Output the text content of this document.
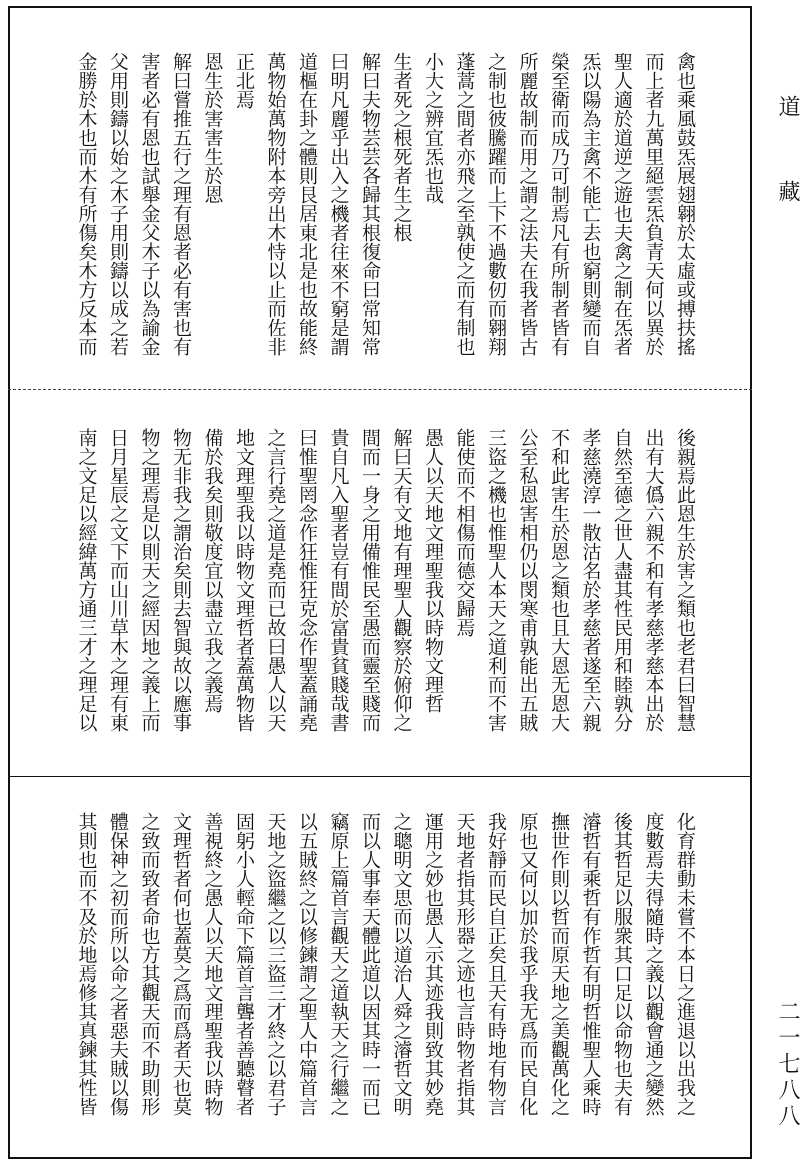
道
藏
二一七八八
禽也乘風鼓炁展翅翱於太虛或搏扶搖
而上者九萬里絕雲炁負青天何以異於
聖人適於道逆之遊也夫禽之制在炁者
炁以陽為主禽不能亡去也窮則變而自
榮至衛而成乃可制焉凡有所制者皆有
所麗故制而用之謂之法夫在我者皆古
之制也彼騰躍而上下不過數仞而翱翔
蓬蒿之間者亦飛之至孰使之而有制也
小大之辨宜炁也哉
生者死之根死者生之根
解曰夫物芸芸各歸其根復命曰常知常
曰明凡麗乎出入之機者往來不窮是謂
道樞在卦之體則艮居東北是也故能終
萬物始萬物附本旁出木恃以止而佐非
正北焉
恩生於害害生於恩
解曰嘗推五行之理有恩者必有害也有
害者必有恩也試舉金父木子以為諭金
父用則鑄以始之木子用則鑄以成之若
金勝於木也而木有所傷矣木方反本而
後親焉此恩生於害之類也老君曰智慧
出有大僞六親不和有孝慈孝慈本出於
自然至德之世人盡其性民用和睦孰分
孝慈澆淳一散沽名於孝慈者遂至六親
不和此害生於恩之類也且大恩无恩大
公至私恩害相仍以閔寒甫孰能出五賊
三盜之機也惟聖人本天之道利而不害
能使而不相傷而德交歸焉
愚人以天地文理聖我以時物文理哲
解曰天有文地有理聖人觀察於俯仰之
間而一身之用備惟民至愚而靈至賤而
貴自凡入聖者豈有間於富貴貧賤哉書
曰惟聖罔念作狂惟狂克念作聖蓋誦堯
之言行堯之道是堯而已故曰愚人以天
地文理聖我以時物文理哲者蓋萬物皆
備於我矣則敬度宜以盡立我之義焉
物无非我之謂治矣則去智與故以應事
物之理焉是以則天之經因地之義上而
日月星辰之文下而山川草木之理有東
南之文足以經緯萬方通三才之理足以
化育群動未嘗不本日之進退以出我之
度數焉夫得隨時之義以觀會通之變然
後其哲足以服衆其口足以命物也夫有
濬哲有乘哲有作哲有明哲惟聖人乘時
撫世作則以哲而原天地之美觀萬化之
原也又何以加於我乎我无爲而民自化
我好靜而民自正矣且天有時地有物言
天地者指其形器之迹也言時物者指其
運用之妙也愚人示其迹我則致其妙堯
之聰明文思而以道治人舜之濬哲文明
而以人事奉天體此道以因其時一而已
竊原上篇首言觀天之道執天之行繼之
以五賊終之以修鍊謂之聖人中篇首言
天地之盜繼之以三盜三才終之以君子
固躬小人輕命下篇首言聾者善聽瞽者
善視終之愚人以天地文理聖我以時物
文理哲者何也蓋莫之爲而爲者天也莫
之致而致者命也方其觀天而不助則形
體保神之初而所以命之者惡夫賊以傷
其則也而不及於地焉修其真鍊其性皆
